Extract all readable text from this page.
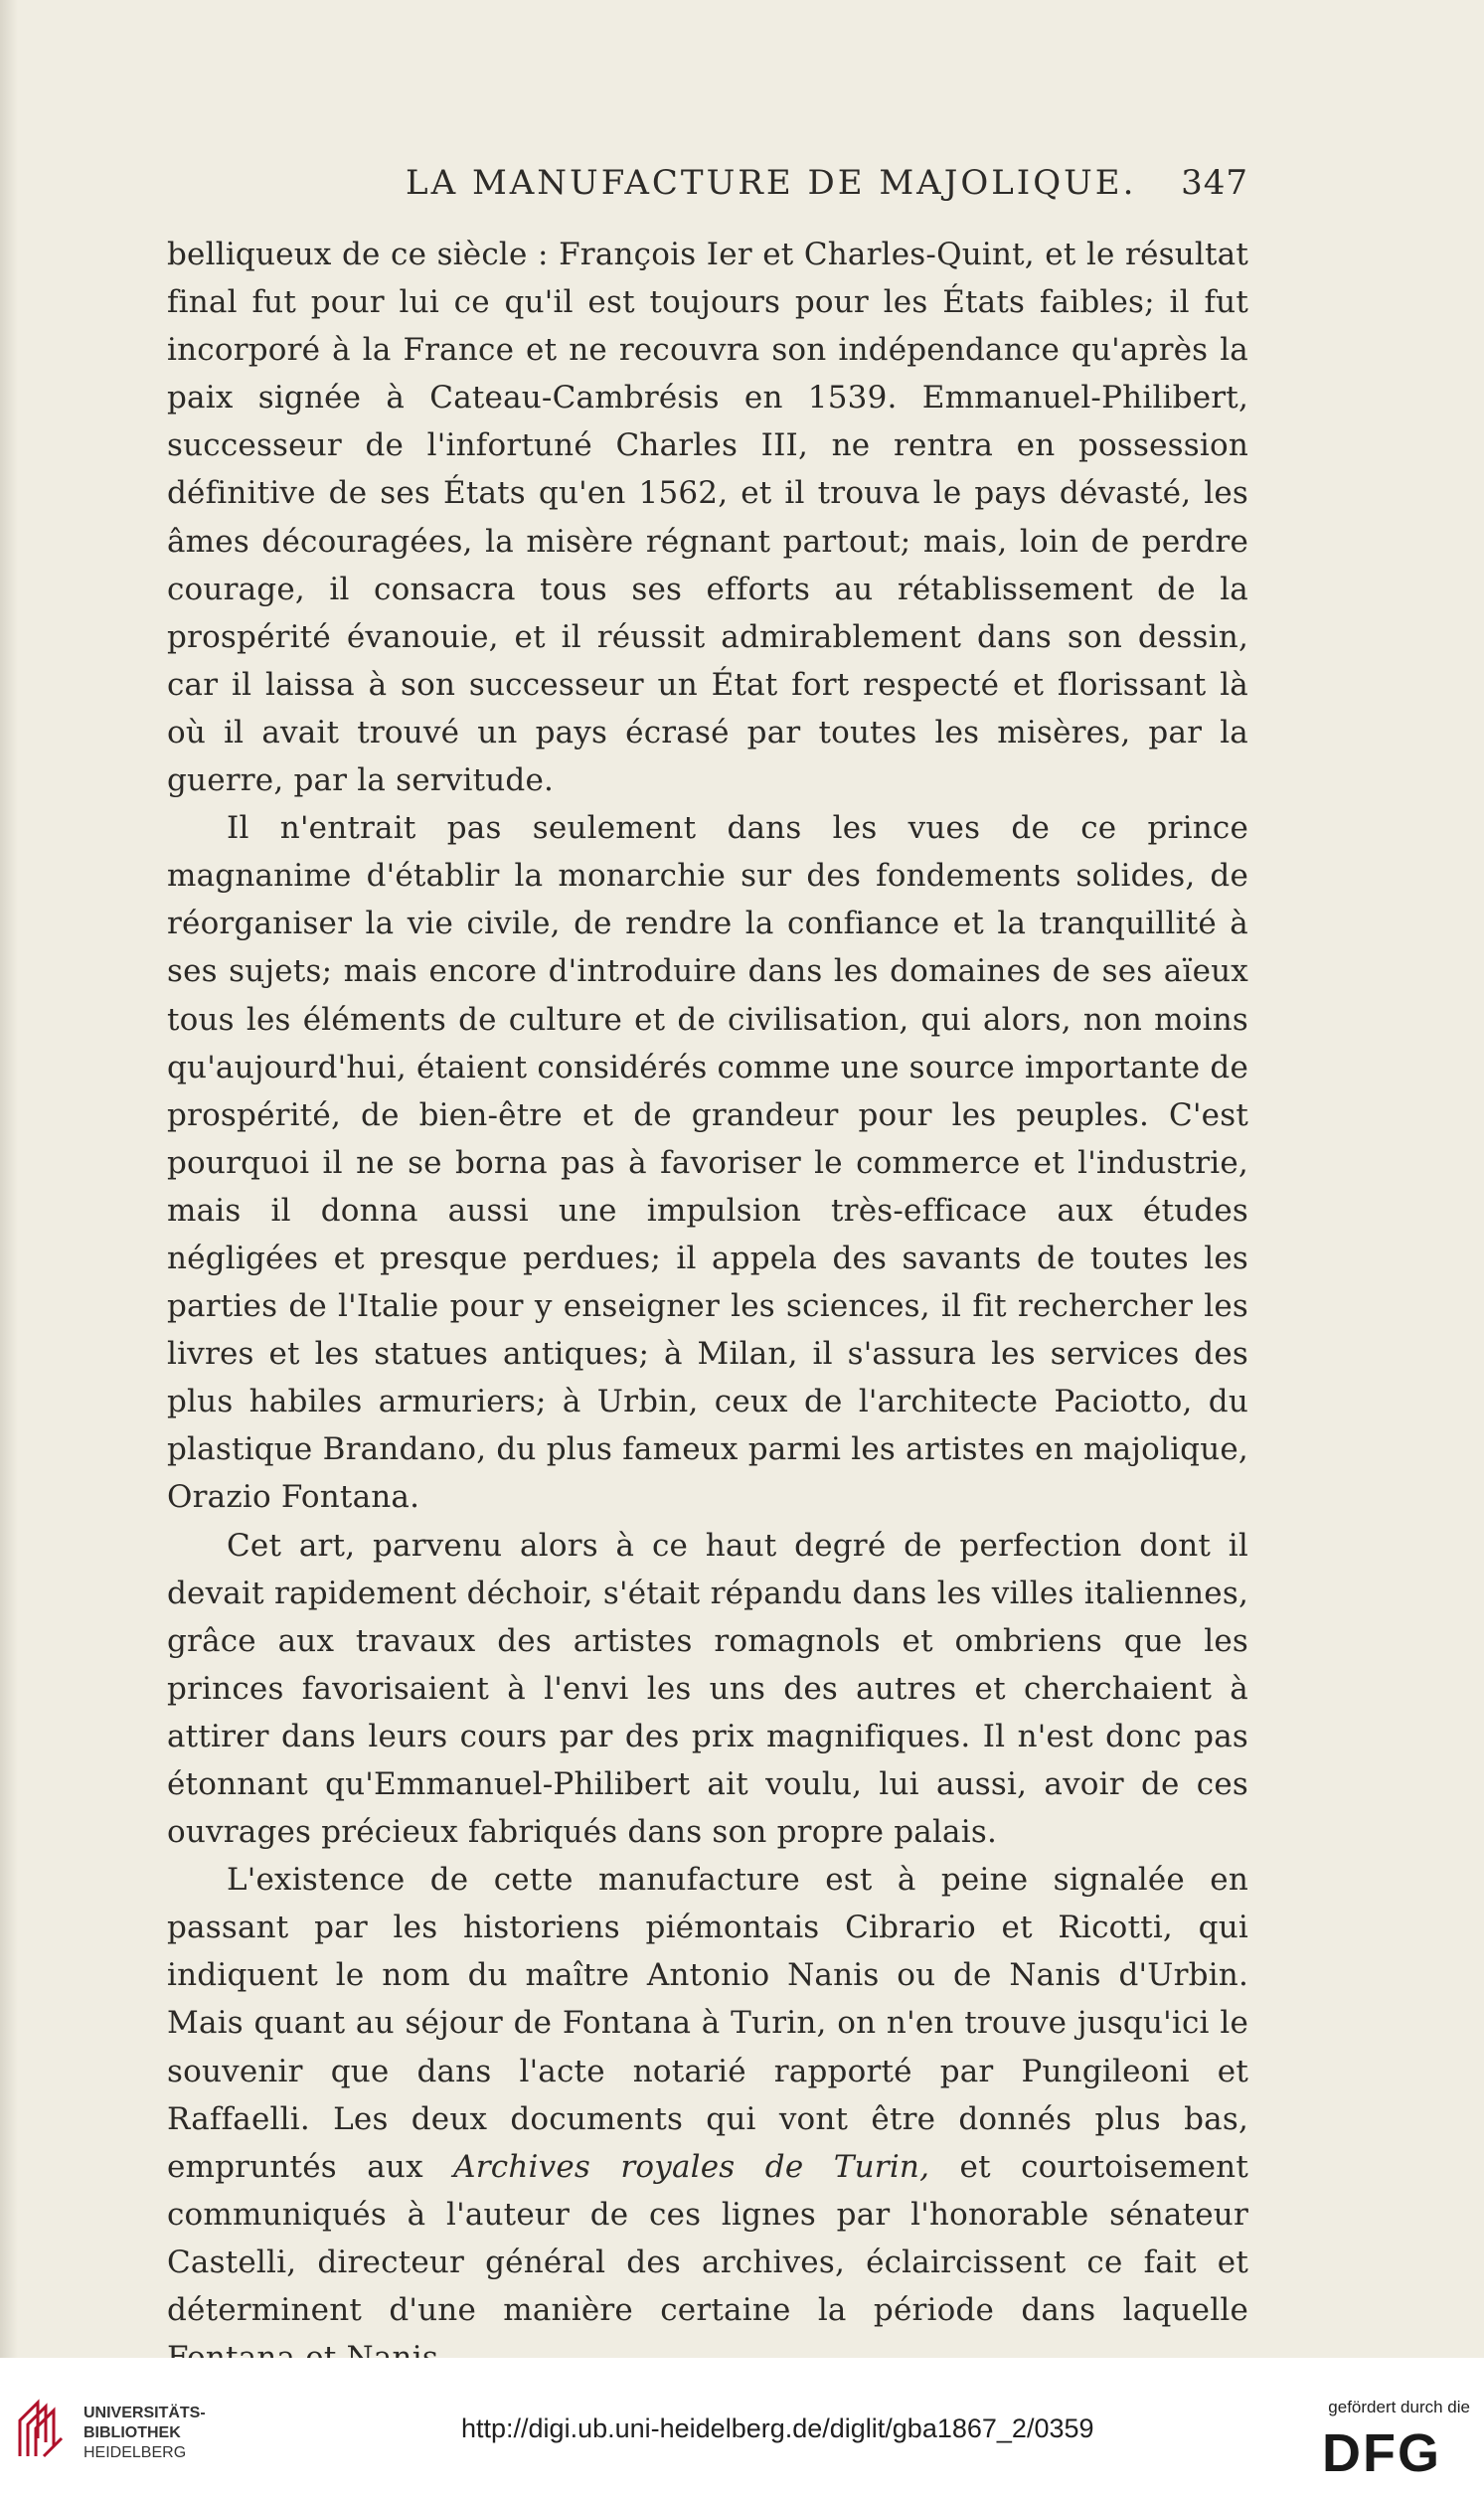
LA MANUFACTURE DE MAJOLIQUE. 347

belliqueux de ce siècle : François Ier et Charles-Quint, et le résultat final fut pour lui ce qu'il est toujours pour les États faibles; il fut incorporé à la France et ne recouvra son indépendance qu'après la paix signée à Cateau-Cambrésis en 1539. Emmanuel-Philibert, successeur de l'infortuné Charles III, ne rentra en possession définitive de ses États qu'en 1562, et il trouva le pays dévasté, les âmes découragées, la misère régnant partout; mais, loin de perdre courage, il consacra tous ses efforts au rétablissement de la prospérité évanouie, et il réussit admirablement dans son dessin, car il laissa à son successeur un État fort respecté et florissant là où il avait trouvé un pays écrasé par toutes les misères, par la guerre, par la servitude.

Il n'entrait pas seulement dans les vues de ce prince magnanime d'établir la monarchie sur des fondements solides, de réorganiser la vie civile, de rendre la confiance et la tranquillité à ses sujets; mais encore d'introduire dans les domaines de ses aïeux tous les éléments de culture et de civilisation, qui alors, non moins qu'aujourd'hui, étaient considérés comme une source importante de prospérité, de bien-être et de grandeur pour les peuples. C'est pourquoi il ne se borna pas à favoriser le commerce et l'industrie, mais il donna aussi une impulsion très-efficace aux études négligées et presque perdues; il appela des savants de toutes les parties de l'Italie pour y enseigner les sciences, il fit rechercher les livres et les statues antiques; à Milan, il s'assura les services des plus habiles armuriers; à Urbin, ceux de l'architecte Paciotto, du plastique Brandano, du plus fameux parmi les artistes en majolique, Orazio Fontana.

Cet art, parvenu alors à ce haut degré de perfection dont il devait rapidement déchoir, s'était répandu dans les villes italiennes, grâce aux travaux des artistes romagnols et ombriens que les princes favorisaient à l'envi les uns des autres et cherchaient à attirer dans leurs cours par des prix magnifiques. Il n'est donc pas étonnant qu'Emmanuel-Philibert ait voulu, lui aussi, avoir de ces ouvrages précieux fabriqués dans son propre palais.

L'existence de cette manufacture est à peine signalée en passant par les historiens piémontais Cibrario et Ricotti, qui indiquent le nom du maître Antonio Nanis ou de Nanis d'Urbin. Mais quant au séjour de Fontana à Turin, on n'en trouve jusqu'ici le souvenir que dans l'acte notarié rapporté par Pungileoni et Raffaelli. Les deux documents qui vont être donnés plus bas, empruntés aux Archives royales de Turin, et courtoisement communiqués à l'auteur de ces lignes par l'honorable sénateur Castelli, directeur général des archives, éclaircissent ce fait et déterminent d'une manière certaine la période dans laquelle

UNIVERSITÄTS-
BIBLIOTHEK
HEIDELBERG
http://digi.ub.uni-heidelberg.de/diglit/gba1867_2/0359
gefördert durch die
DFG
